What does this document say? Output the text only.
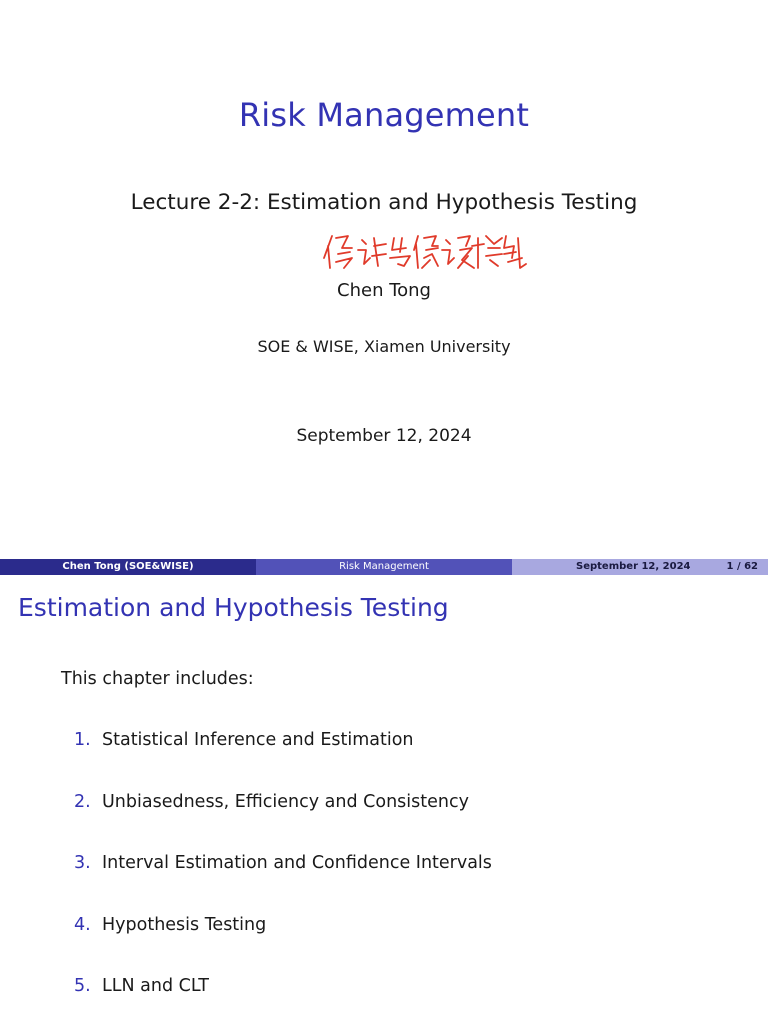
Risk Management
Lecture 2-2: Estimation and Hypothesis Testing
Chen Tong
SOE & WISE, Xiamen University
September 12, 2024
Chen Tong (SOE&WISE)	Risk Management	September 12, 2024	1 / 62
Estimation and Hypothesis Testing
This chapter includes:
1. Statistical Inference and Estimation
2. Unbiasedness, Efficiency and Consistency
3. Interval Estimation and Confidence Intervals
4. Hypothesis Testing
5. LLN and CLT
